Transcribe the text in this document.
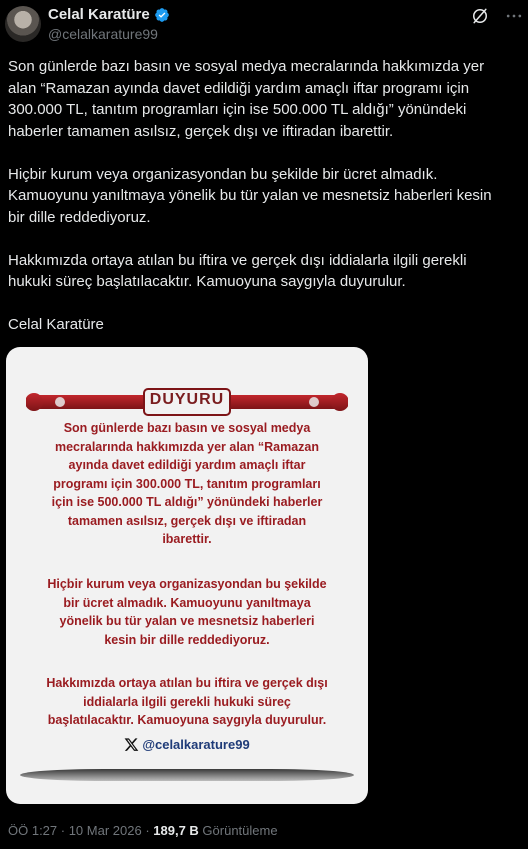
Celal Karatüre
@celalkarature99
Son günlerde bazı basın ve sosyal medya mecralarında hakkımızda yer
alan “Ramazan ayında davet edildiği yardım amaçlı iftar programı için
300.000 TL, tanıtım programları için ise 500.000 TL aldığı” yönündeki
haberler tamamen asılsız, gerçek dışı ve iftiradan ibarettir.

Hiçbir kurum veya organizasyondan bu şekilde bir ücret almadık.
Kamuoyunu yanıltmaya yönelik bu tür yalan ve mesnetsiz haberleri kesin
bir dille reddediyoruz.

Hakkımızda ortaya atılan bu iftira ve gerçek dışı iddialarla ilgili gerekli
hukuki süreç başlatılacaktır. Kamuoyuna saygıyla duyurulur.

Celal Karatüre
DUYURU
Son günlerde bazı basın ve sosyal medya
mecralarında hakkımızda yer alan “Ramazan
ayında davet edildiği yardım amaçlı iftar
programı için 300.000 TL, tanıtım programları
için ise 500.000 TL aldığı” yönündeki haberler
tamamen asılsız, gerçek dışı ve iftiradan
ibarettir.
Hiçbir kurum veya organizasyondan bu şekilde
bir ücret almadık. Kamuoyunu yanıltmaya
yönelik bu tür yalan ve mesnetsiz haberleri
kesin bir dille reddediyoruz.
Hakkımızda ortaya atılan bu iftira ve gerçek dışı
iddialarla ilgili gerekli hukuki süreç
başlatılacaktır. Kamuoyuna saygıyla duyurulur.
@celalkarature99
ÖÖ 1:27 · 10 Mar 2026 · 189,7 B Görüntüleme
